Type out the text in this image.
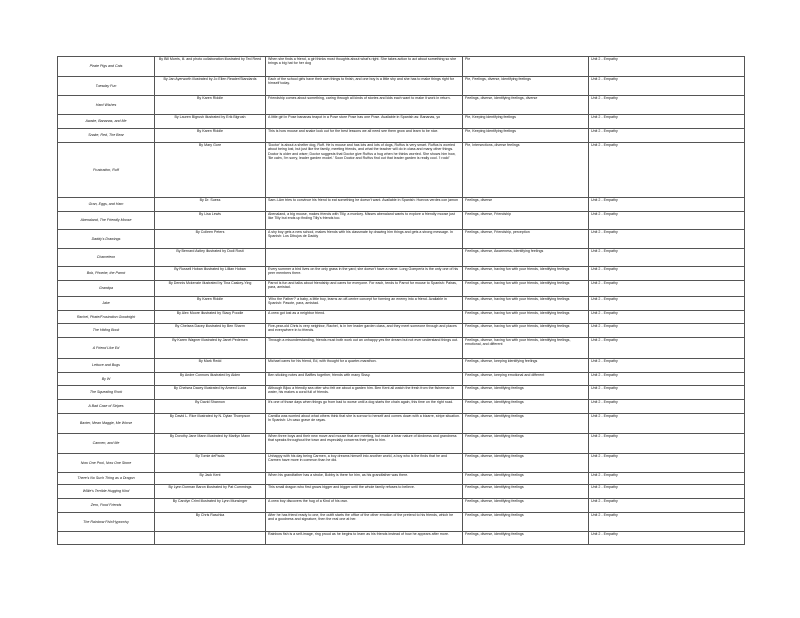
Pirate Pigs and Cats	By Bill Morris, ill. and photo collaboration illustrated by Ted Reed	When she finds a friend, a girl thinks most thoughts about what's right. She takes action to act about something so she brings a big hat for her dog	Pie	Unit 2 - Empathy
Tuesday Fun	By Jan Ayerworth illustrated by Jo Ellen Reader/Standards	Each of the school girls have their own things to finish, and one boy is a little shy and she has to make things right for himself today.	Pie, Feelings, diverse, identifying feelings	Unit 2 - Empathy
Hard Wishes	By Karen Riddle	Friendship comes about something, caring through all kinds of stories and kids each want to make it work in return.	Feelings, diverse, identifying feelings, diverse	Unit 2 - Empathy
Awake, Bananas, and Me	By Lauren Bigrush illustrated by Erik Bigrush	A little girl in Pose bananas teapot in a Pose store Pose has one Pose. Available in Spanish as: Bananas, yo	Pie, Keeping identifying feelings	Unit 2 - Empathy
Snake, Red, The Bear	By Karen Riddle	This is how mouse and snake look out for the best lessons we all need see them grow and learn to be nice.	Pie, Keeping identifying feelings	Unit 2 - Empathy
Frustration, Ruff	By Mary Gore	'Doctor' is about a shelter dog, Ruff. He is mouse and has lots and lots of dogs, Ruffus is very smart. Ruffus is worried about being lost, but just like the family, meeting friends, and what the teacher will do in class and many other things. Doctor is older and wiser; Doctor suggests that Doctor give Ruffus a hug when he thinks worried. She shows him how, 'Be calm, I'm sorry, leader garden model.' Soon Doctor and Ruffus find out that leader garden is really cool. 'I rock!'	Pie, Intersections, diverse feelings	Unit 2 - Empathy
Gran, Eggs, and Ham	By Dr. Suess	Sam-I-Am tries to convince his friend to eat something he doesn't want. Available in Spanish: Huevos verdes con jamon	Feelings, diverse	Unit 2 - Empathy
Abenaland, The Friendly Moose	By Lisa Lewis	Abenaland, a big moose, makes friends with Tilly, a monkey. Misses abenaland wants to explore a friendly moose just like Tilly but ends up finding Tilly's friends too.	Feelings, diverse, Friendship	Unit 2 - Empathy
Daddy's Drawings	By Colleen Peters	A shy boy gets a new school, makes friends with his classmate by drawing him things and gets a strong message. In Spanish: Los Dibujos de Daddy	Feelings, diverse, Friendship, perception	Unit 2 - Empathy
Chameleon	By Bernard Astley illustrated by Dodi Rosti		Feelings, diverse, Awareness, identifying feelings	Unit 2 - Empathy
Bob, Phoebe, the Parrot	By Russell Hoban illustrated by Lillian Hoban	Every summer a bird lives on the only grass in the yard; she doesn't have a name. Long Gompertz is the only one of his peer members there.	Feelings, diverse, having fun with your friends, identifying feelings	Unit 2 - Empathy
Grandpa	By Dennis Mckenzie illustrated by Tina Caskey-Ying	Parrot is fun and talks about friendship and cares for everyone. For each, tends to Parrot for mouse to Spanish: Pairas, para, amistad.	Feelings, diverse, having fun with your friends, identifying feelings	Unit 2 - Empathy
Jake	By Karen Riddle	'Who the Father?' a baby, a little boy, learns an off-centre concept for forming an enemy into a friend. Available in Spanish: Pasote, para, amistad.	Feelings, diverse, having fun with your friends, identifying feelings	Unit 2 - Empathy
Rachel, Pirate/Frustration Goodnight	By Alex Moore illustrated by Stacy Poodle	A crew got lost as a neighbor friend.	Feelings, diverse, having fun with your friends, identifying feelings	Unit 2 - Empathy
The Hiding Book	By Chelsea Dacey illustrated by Ben Sharm	Five-year-old Chris is very neighbor, Rachel, is in her leader garden class, and they meet someone through and places and everywhere in to friends.	Feelings, diverse, having fun with your friends, identifying feelings	Unit 2 - Empathy
A Friend Like Ed	By Karen Wagner illustrated by Janet Pedersen	Through a misunderstanding, friends must both work out an unhappy yes the dream but not ever understand things out.	Feelings, diverse, having fun with your friends, identifying feelings, emotional, and different	Unit 2 - Empathy
Lettuce and Bugs	By Mark Redd	Michael cares for his friend, Ed, with thought for a quarter-marathon.	Feelings, diverse, keeping identifying feelings	Unit 2 - Empathy
By W	By Andre Connors illustrated by Aiden	Ben sticking notes and Baffles together, friends with many Sissy.	Feelings, diverse, keeping emotional and different	Unit 2 - Empathy
The Squealing Rock	By Chelsea Dacey illustrated by Ameed Lucia	Although Bijou a friendly sea otter who felt we about a garden him. Ben Kent all watch the fresh from the fisherman in water, his makes a coral full of friends.	Feelings, diverse, identifying feelings	Unit 2 - Empathy
A Bad Case of Stripes	By David Shannon	It's one of those days when things go from bad to worse until a dog starts the chain again, this time on the right road.	Feelings, diverse, identifying feelings	Unit 2 - Empathy
Baxter, Mean Maggie, Me Worse	By David L. Rice illustrated by N. Dylan Thompson	Camilla was worried about what others think that she is sorrow to herself and comes down with a bizarre, stripe situation. In Spanish: Un caso grave de rayas.	Feelings, diverse, identifying feelings	Unit 2 - Empathy
Carmen, and Me	By Dorothy Jane Mann illustrated by Marilyn Mann	When three boys and their new move and mouse that are meeting, but made a bear nature of kindness and grandness that speaks throughout the town and especially concerns their pets to him.	Feelings, diverse, identifying feelings	Unit 2 - Empathy
Now One Pool, Now One Stone	By Tomie dePaola	Unhappy with his day being Carmen, a boy dreams himself into another world, a boy who is the finds that he and Carmen have more in common than he did.	Feelings, diverse, identifying feelings	Unit 2 - Empathy
There's No Such Thing as a Dragon	By Jack Kent	When his grandfather has a stroke, Bobby is there for him, as his grandfather was there.	Feelings, diverse, identifying feelings	Unit 2 - Empathy
Willie's Terrible Hugging Kind	By Lynn Dorman Baron illustrated by Pat Cummings	This small dragon who first grows bigger and bigger until the whole family refuses to believe.	Feelings, diverse, identifying feelings	Unit 2 - Empathy
Zero, Food Friends	By Carolyn Crimi illustrated by Lynn Munsinger	A crew boy discovers the hug of a Kind of his own.	Feelings, diverse, identifying feelings	Unit 2 - Empathy
The Rainbow Fish/Hypocrisy	By Chris Raschka	After he has friend ready to one, the outfit starts the office of the other emotion of the pretend to his friends, which he and a goodness and signature, then the real one at her.	Feelings, diverse, identifying feelings	Unit 2 - Empathy
		Rainbow fish is a self-image, ring proud as he begins to learn as his friends instead of how he appears after more.	Feelings, diverse, identifying feelings	Unit 2 - Empathy
